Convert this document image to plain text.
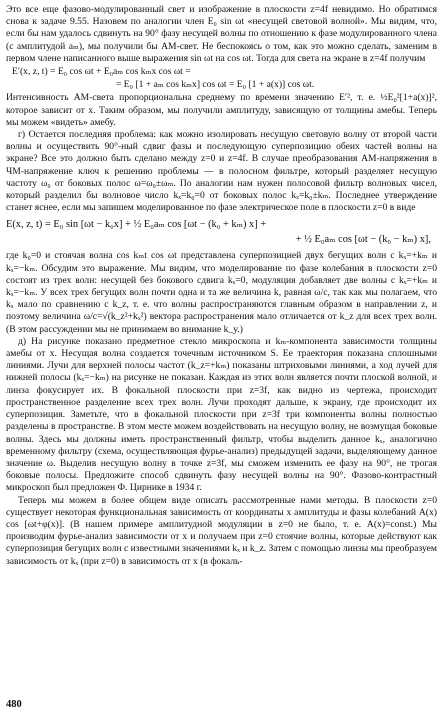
Это все еще фазово-модулированный свет и изображение в плоскости z=4f невидимо. Но обратимся снова к задаче 9.55. Назовем по аналогии член E₀ sin ωt «несущей световой волной». Мы видим, что, если бы нам удалось сдвинуть на 90° фазу несущей волны по отношению к фазе модулированного члена (с амплитудой aₘ), мы получили бы АМ-свет. Не беспокоясь о том, как это можно сделать, заменим в первом члене написанного выше выражения sin ωt на cos ωt. Тогда для света на экране в z=4f получим

E′(x, z, t) = E₀ cos ωt + E₀aₘ cos kₘx cos ωt =

= E₀ [1 + aₘ cos kₘx] cos ωt = E₀ [1 + a(x)] cos ωt.

Интенсивность АМ-света пропорциональна среднему по времени значению E′², т. е. ½E₀²[1+a(x)]², которое зависит от x. Таким образом, мы получили амплитуду, зависящую от толщины амебы. Теперь мы можем «видеть» амебу.

г) Остается последняя проблема: как можно изолировать несущую световую волну от второй части волны и осуществить 90°-ный сдвиг фазы и последующую суперпозицию обеих частей волны на экране? Все это должно быть сделано между z=0 и z=4f. В случае преобразования АМ-напряжения в ЧМ-напряжение ключ к решению проблемы — в полосном фильтре, который разделяет несущую частоту ω₀ от боковых полос ω=ω₀±ωₘ. По аналогии нам нужен полосовой фильтр волновых чисел, который разделил бы волновое число kₓ=k₀=0 от боковых полос kₓ=k₀±kₘ. Последнее утверждение станет яснее, если мы запишем моделированное по фазе электрическое поле в плоскости z=0 в виде

E(x, z, t) = E₀ sin [ωt − k₀x] + ½ E₀aₘ cos [ωt − (k₀ + kₘ) x] +

+ ½ E₀aₘ cos [ωt − (k₀ − kₘ) x],

где k₀=0 и стоячая волна cos kₘt cos ωt представлена суперпозицией двух бегущих волн с kₓ=+kₘ и kₓ=−kₘ. Обсудим это выражение. Мы видим, что моделирование по фазе колебания в плоскости z=0 состоят из трех волн: несущей без бокового сдвига kₓ=0, модуляция добавляет две волны с kₓ=+kₘ и kₓ=−kₘ. У всех трех бегущих волн почти одна и та же величина k, равная ω/c, так как мы полагаем, что kₓ мало по сравнению с k_z, т. е. что волны распространяются главным образом в направлении z, и поэтому величина ω/c=√(k_z²+kₓ²) вектора распространения мало отличается от k_z для всех трех волн. (В этом рассуждении мы не принимаем во внимание k_y.)

д) На рисунке показано предметное стекло микроскопа и kₘ-компонента зависимости толщины амебы от x. Несущая волна создается точечным источником S. Ее траектория показана сплошными линиями. Лучи для верхней полосы частот (k_z=+kₘ) показаны штриховыми линиями, а ход лучей для нижней полосы (kₓ=−kₘ) на рисунке не показан. Каждая из этих волн является почти плоской волной, и линза фокусирует их. В фокальной плоскости при z=3f, как видно из чертежа, происходит пространственное разделение всех трех волн. Лучи проходят дальше, к экрану, где происходит их суперпозиция. Заметьте, что в фокальной плоскости при z=3f три компоненты волны полностью разделены в пространстве. В этом месте можем воздействовать на несущую волну, не возмущая боковые волны. Здесь мы должны иметь пространственный фильтр, чтобы выделить данное kₓ, аналогично временному фильтру (схема, осуществляющая фурье-анализ) предыдущей задачи, выделяющему данное значение ω. Выделив несущую волну в точке z=3f, мы сможем изменить ее фазу на 90°, не трогая боковые полосы. Предложите способ сдвинуть фазу несущей волны на 90°. Фазово-контрастный микроскоп был предложен Ф. Цирнике в 1934 г.

Теперь мы можем в более общем виде описать рассмотренные нами методы. В плоскости z=0 существует некоторая функциональная зависимость от координаты x амплитуды и фазы колебаний A(x) cos [ωt+φ(x)]. (В нашем примере амплитудной модуляции в z=0 не было, т. е. A(x)=const.) Мы производим фурье-анализ зависимости от x и получаем при z=0 стоячие волны, которые действуют как суперпозиция бегущих волн с известными значениями kₓ и k_z. Затем с помощью линзы мы преобразуем зависимость от kₓ (при z=0) в зависимость от x (в фокаль-

480
